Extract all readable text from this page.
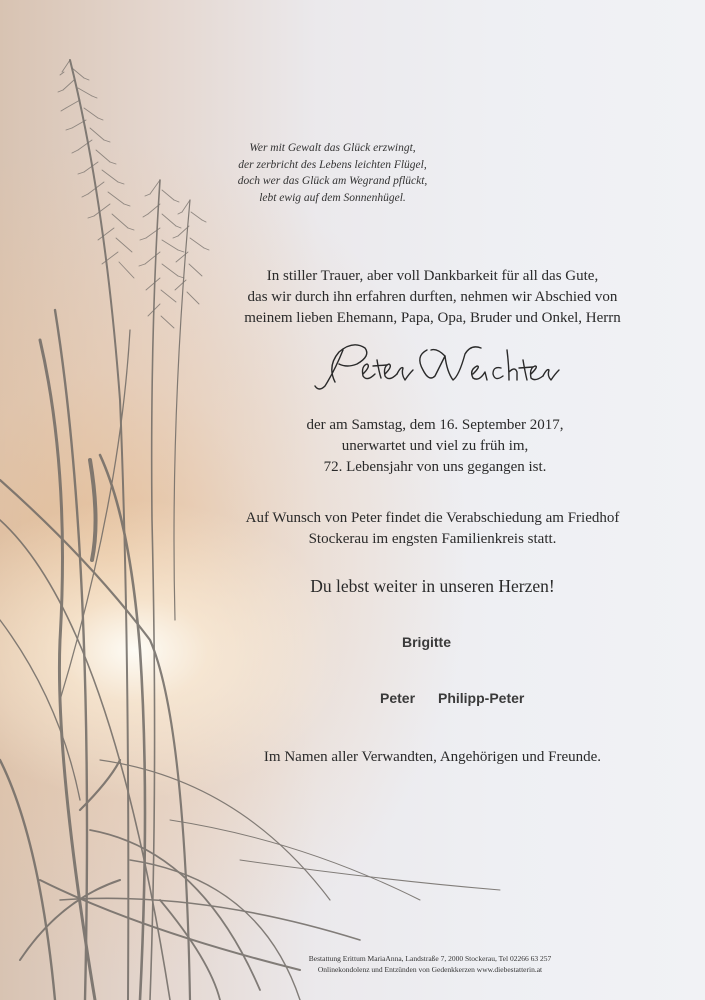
Wer mit Gewalt das Glück erzwingt,
der zerbricht des Lebens leichten Flügel,
doch wer das Glück am Wegrand pflückt,
lebt ewig auf dem Sonnenhügel.
In stiller Trauer, aber voll Dankbarkeit für all das Gute,
das wir durch ihn erfahren durften, nehmen wir Abschied von
meinem lieben Ehemann, Papa, Opa, Bruder und Onkel, Herrn
Peter Wachter
der am Samstag, dem 16. September 2017,
unerwartet und viel zu früh im,
72. Lebensjahr von uns gegangen ist.
Auf Wunsch von Peter findet die Verabschiedung am Friedhof
Stockerau im engsten Familienkreis statt.
Du lebst weiter in unseren Herzen!
Brigitte
Peter Philipp-Peter
Im Namen aller Verwandten, Angehörigen und Freunde.
Bestattung Erittum MariaAnna, Landstraße 7, 2000 Stockerau, Tel 02266 63 257
Onlinekondolenz und Entzünden von Gedenkkerzen www.diebestatterin.at
